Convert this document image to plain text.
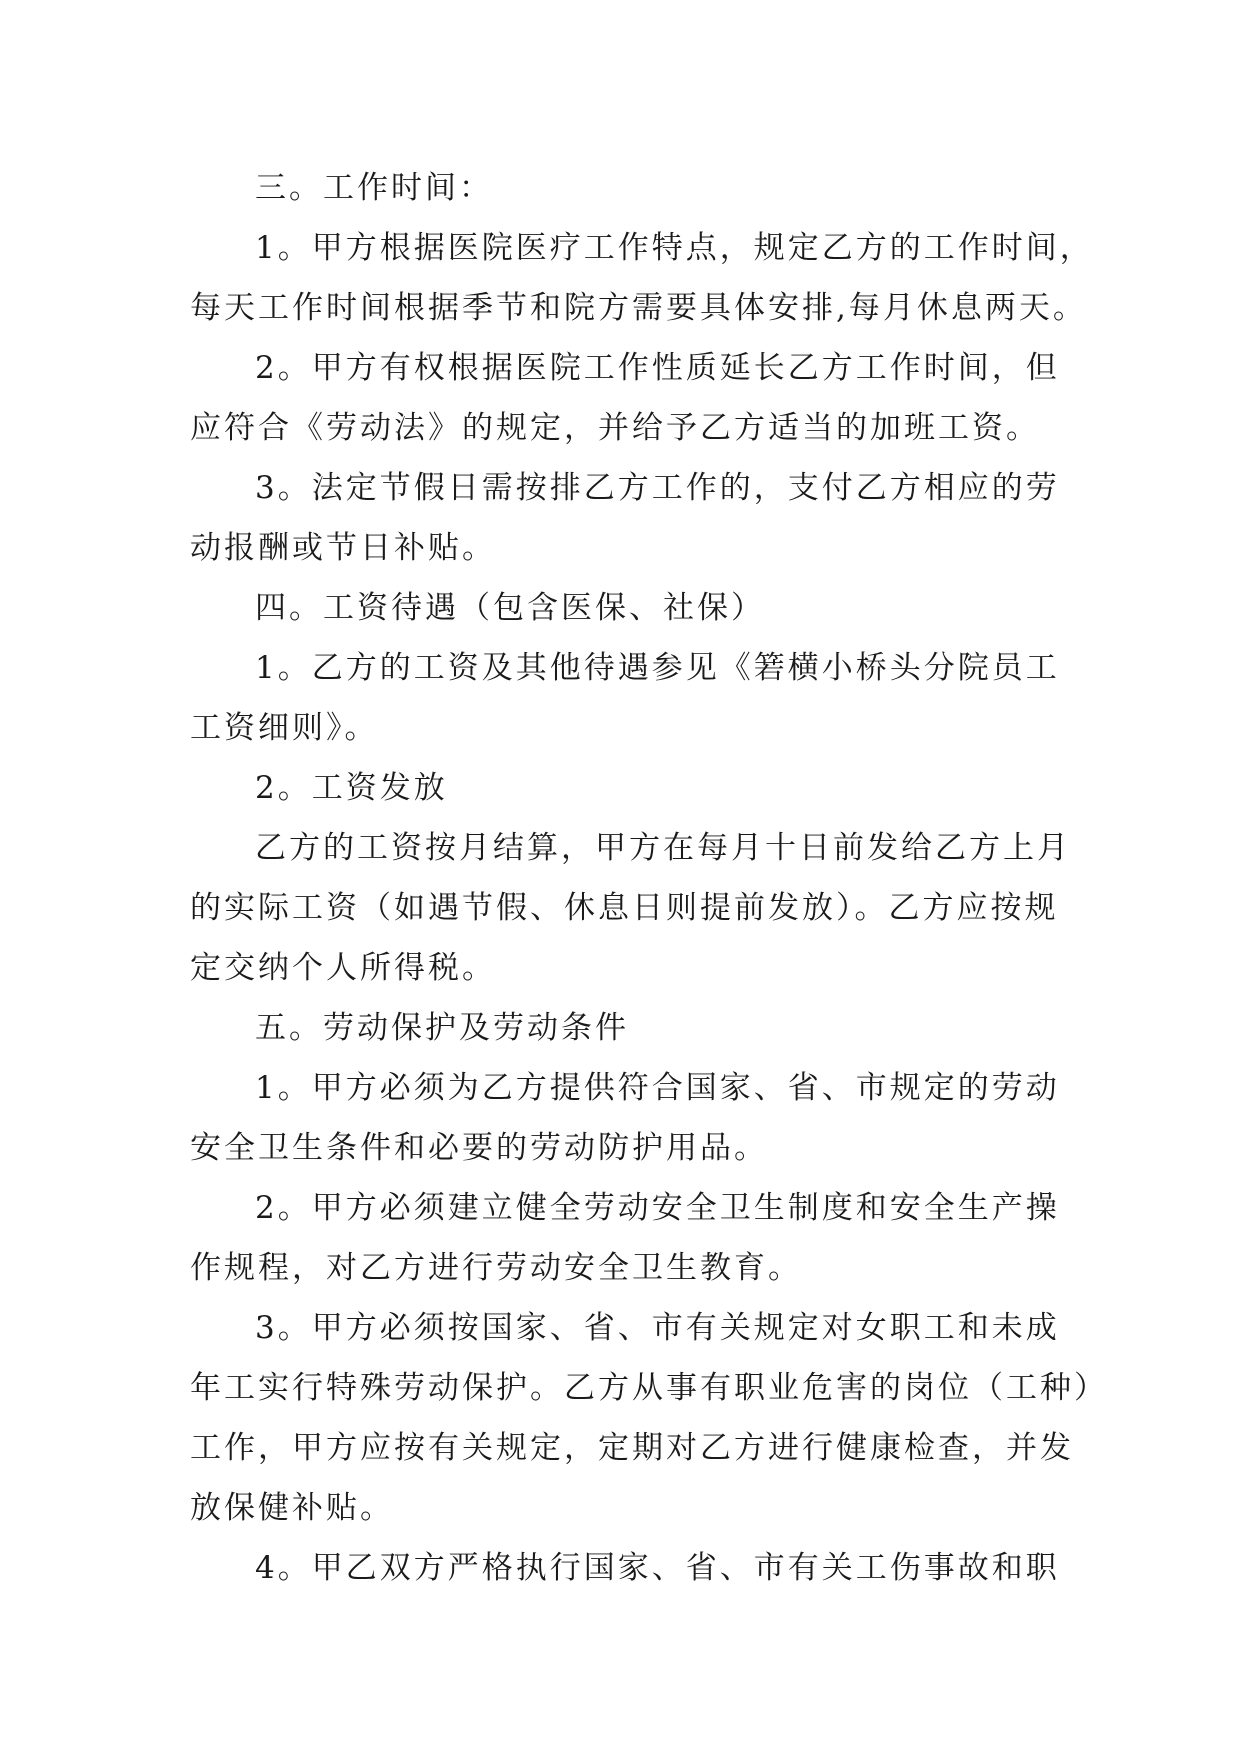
三。工作时间：
1。甲方根据医院医疗工作特点，规定乙方的工作时间，
每天工作时间根据季节和院方需要具体安排,每月休息两天。
2。甲方有权根据医院工作性质延长乙方工作时间，但
应符合《劳动法》的规定，并给予乙方适当的加班工资。
3。法定节假日需按排乙方工作的，支付乙方相应的劳
动报酬或节日补贴。
四。工资待遇（包含医保、社保）
1。乙方的工资及其他待遇参见《箬横小桥头分院员工
工资细则》。
2。工资发放
乙方的工资按月结算，甲方在每月十日前发给乙方上月
的实际工资（如遇节假、休息日则提前发放）。乙方应按规
定交纳个人所得税。
五。劳动保护及劳动条件
1。甲方必须为乙方提供符合国家、省、市规定的劳动
安全卫生条件和必要的劳动防护用品。
2。甲方必须建立健全劳动安全卫生制度和安全生产操
作规程，对乙方进行劳动安全卫生教育。
3。甲方必须按国家、省、市有关规定对女职工和未成
年工实行特殊劳动保护。乙方从事有职业危害的岗位（工种）
工作，甲方应按有关规定，定期对乙方进行健康检查，并发
放保健补贴。
4。甲乙双方严格执行国家、省、市有关工伤事故和职
